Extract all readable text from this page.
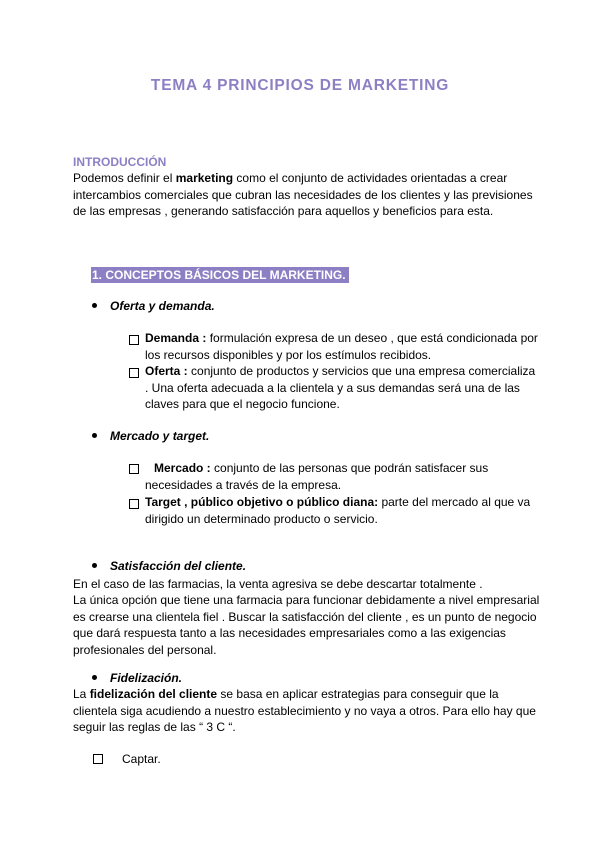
TEMA 4 PRINCIPIOS DE MARKETING
INTRODUCCIÓN
Podemos definir el marketing como el conjunto de actividades orientadas a crear intercambios comerciales que cubran las necesidades de los clientes y las previsiones de las empresas , generando satisfacción para aquellos y beneficios para esta.
1. CONCEPTOS BÁSICOS DEL MARKETING.
Oferta y demanda.
Demanda : formulación expresa de un deseo , que está condicionada por los recursos disponibles y por los estímulos recibidos.
Oferta : conjunto de productos y servicios que una empresa comercializa . Una oferta adecuada a la clientela y a sus demandas será una de las claves para que el negocio funcione.
Mercado y target.
Mercado : conjunto de las personas que podrán satisfacer sus necesidades a través de la empresa.
Target , público objetivo o público diana: parte del mercado al que va dirigido un determinado producto o servicio.
Satisfacción del cliente.
En el caso de las farmacias, la venta agresiva se debe descartar totalmente .
La única opción que tiene una farmacia para funcionar debidamente a nivel empresarial es crearse una clientela fiel . Buscar la satisfacción del cliente , es un punto de negocio que dará respuesta tanto a las necesidades empresariales como a las exigencias profesionales del personal.
Fidelización.
La fidelización del cliente se basa en aplicar estrategias para conseguir que la clientela siga acudiendo a nuestro establecimiento y no vaya a otros. Para ello hay que seguir las reglas de las “ 3 C “.
Captar.
